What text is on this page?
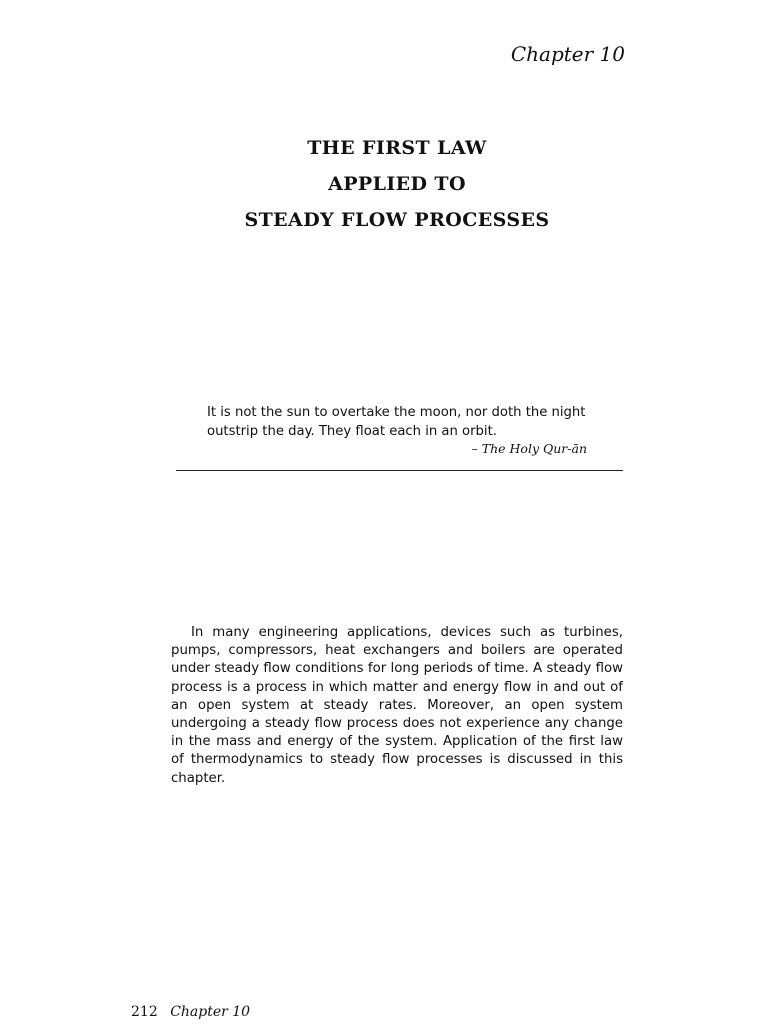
Chapter 10
THE FIRST LAW
APPLIED TO
STEADY FLOW PROCESSES
It is not the sun to overtake the moon, nor doth the night outstrip the day. They float each in an orbit.
– The Holy Qur-ān

In many engineering applications, devices such as turbines, pumps, compressors, heat exchangers and boilers are operated under steady flow conditions for long periods of time. A steady flow process is a process in which matter and energy flow in and out of an open system at steady rates. Moreover, an open system undergoing a steady flow process does not experience any change in the mass and energy of the system. Application of the first law of thermodynamics to steady flow processes is discussed in this chapter.

212 Chapter 10
